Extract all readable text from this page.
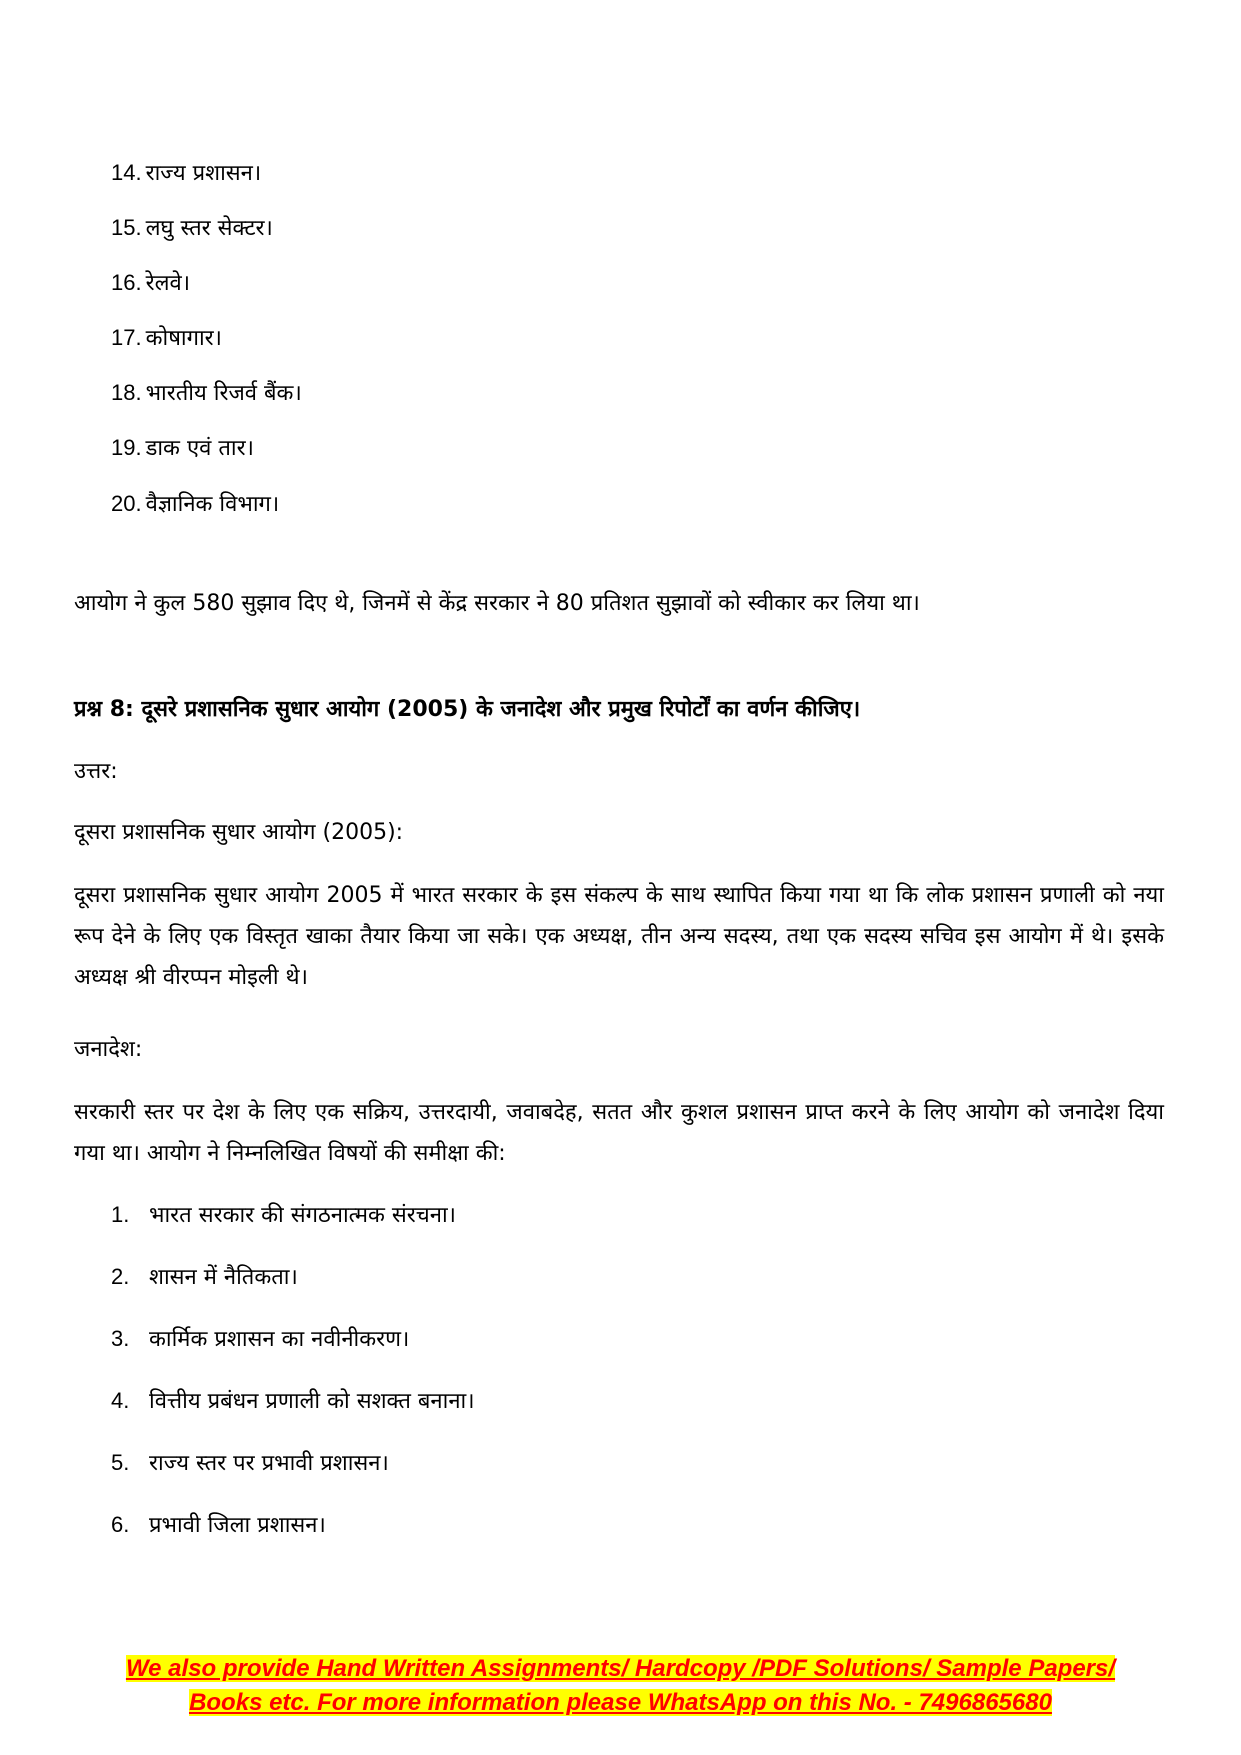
14. राज्य प्रशासन।
15. लघु स्तर सेक्टर।
16. रेलवे।
17. कोषागार।
18. भारतीय रिजर्व बैंक।
19. डाक एवं तार।
20. वैज्ञानिक विभाग।
आयोग ने कुल 580 सुझाव दिए थे, जिनमें से केंद्र सरकार ने 80 प्रतिशत सुझावों को स्वीकार कर लिया था।
प्रश्न 8: दूसरे प्रशासनिक सुधार आयोग (2005) के जनादेश और प्रमुख रिपोर्टों का वर्णन कीजिए।
उत्तर:
दूसरा प्रशासनिक सुधार आयोग (2005):
दूसरा प्रशासनिक सुधार आयोग 2005 में भारत सरकार के इस संकल्प के साथ स्थापित किया गया था कि लोक प्रशासन प्रणाली को नया रूप देने के लिए एक विस्तृत खाका तैयार किया जा सके। एक अध्यक्ष, तीन अन्य सदस्य, तथा एक सदस्य सचिव इस आयोग में थे। इसके अध्यक्ष श्री वीरप्पन मोइली थे।
जनादेश:
सरकारी स्तर पर देश के लिए एक सक्रिय, उत्तरदायी, जवाबदेह, सतत और कुशल प्रशासन प्राप्त करने के लिए आयोग को जनादेश दिया गया था। आयोग ने निम्नलिखित विषयों की समीक्षा की:
1. भारत सरकार की संगठनात्मक संरचना।
2. शासन में नैतिकता।
3. कार्मिक प्रशासन का नवीनीकरण।
4. वित्तीय प्रबंधन प्रणाली को सशक्त बनाना।
5. राज्य स्तर पर प्रभावी प्रशासन।
6. प्रभावी जिला प्रशासन।
We also provide Hand Written Assignments/ Hardcopy /PDF Solutions/ Sample Papers/
Books etc. For more information please WhatsApp on this No. - 7496865680
